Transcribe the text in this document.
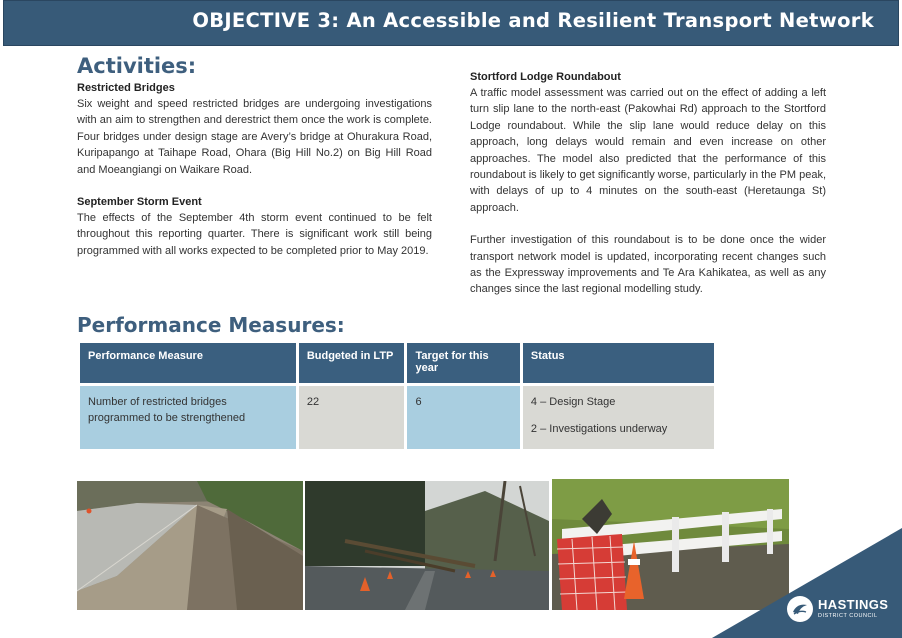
OBJECTIVE 3: An Accessible and Resilient Transport Network
Activities:
Restricted Bridges

Six weight and speed restricted bridges are undergoing investigations with an aim to strengthen and derestrict them once the work is complete. Four bridges under design stage are Avery’s bridge at Ohurakura Road, Kuripapango at Taihape Road, Ohara (Big Hill No.2) on Big Hill Road and Moeangiangi on Waikare Road.

September Storm Event

The effects of the September 4th storm event continued to be felt throughout this reporting quarter. There is significant work still being programmed with all works expected to be completed prior to May 2019.

Stortford Lodge Roundabout

A traffic model assessment was carried out on the effect of adding a left turn slip lane to the north-east (Pakowhai Rd) approach to the Stortford Lodge roundabout. While the slip lane would reduce delay on this approach, long delays would remain and even increase on other approaches. The model also predicted that the performance of this roundabout is likely to get significantly worse, particularly in the PM peak, with delays of up to 4 minutes on the south-east (Heretaunga St) approach.

Further investigation of this roundabout is to be done once the wider transport network model is updated, incorporating recent changes such as the Expressway improvements and Te Ara Kahikatea, as well as any changes since the last regional modelling study.

Performance Measures:
Performance Measure	Budgeted in LTP	Target for this year	Status
Number of restricted bridges programmed to be strengthened	22	6	4 – Design Stage
2 – Investigations underway
HASTINGS
DISTRICT COUNCIL
